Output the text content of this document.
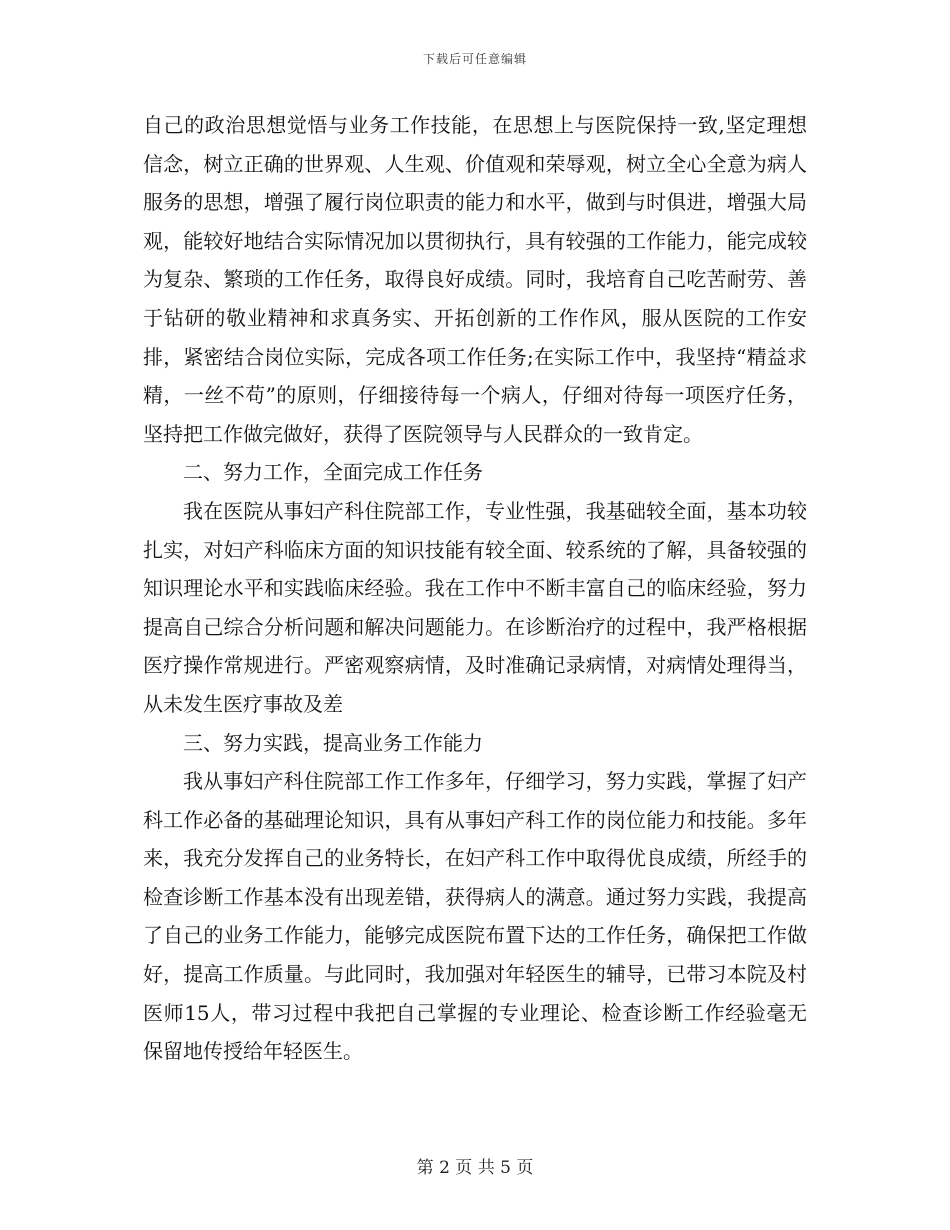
下载后可任意编辑

自己的政治思想觉悟与业务工作技能，在思想上与医院保持一致,坚定理想信念，树立正确的世界观、人生观、价值观和荣辱观，树立全心全意为病人服务的思想，增强了履行岗位职责的能力和水平，做到与时俱进，增强大局观，能较好地结合实际情况加以贯彻执行，具有较强的工作能力，能完成较为复杂、繁琐的工作任务，取得良好成绩。同时，我培育自己吃苦耐劳、善于钻研的敬业精神和求真务实、开拓创新的工作作风，服从医院的工作安排，紧密结合岗位实际，完成各项工作任务;在实际工作中，我坚持“精益求精，一丝不苟”的原则，仔细接待每一个病人，仔细对待每一项医疗任务，坚持把工作做完做好，获得了医院领导与人民群众的一致肯定。

二、努力工作，全面完成工作任务

我在医院从事妇产科住院部工作，专业性强，我基础较全面，基本功较扎实，对妇产科临床方面的知识技能有较全面、较系统的了解，具备较强的知识理论水平和实践临床经验。我在工作中不断丰富自己的临床经验，努力提高自己综合分析问题和解决问题能力。在诊断治疗的过程中，我严格根据医疗操作常规进行。严密观察病情，及时准确记录病情，对病情处理得当，从未发生医疗事故及差

三、努力实践，提高业务工作能力

我从事妇产科住院部工作工作多年，仔细学习，努力实践，掌握了妇产科工作必备的基础理论知识，具有从事妇产科工作的岗位能力和技能。多年来，我充分发挥自己的业务特长，在妇产科工作中取得优良成绩，所经手的检查诊断工作基本没有出现差错，获得病人的满意。通过努力实践，我提高了自己的业务工作能力，能够完成医院布置下达的工作任务，确保把工作做好，提高工作质量。与此同时，我加强对年轻医生的辅导，已带习本院及村医师15人，带习过程中我把自己掌握的专业理论、检查诊断工作经验毫无保留地传授给年轻医生。

第 2 页 共 5 页
